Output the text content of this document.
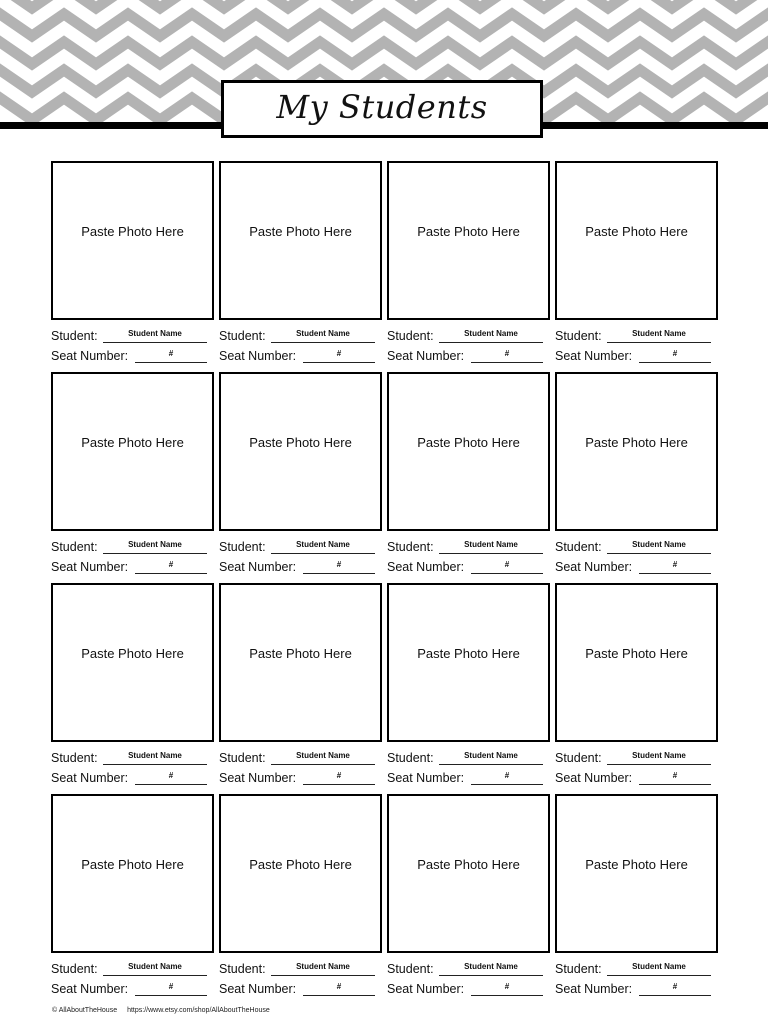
My Students
Paste Photo Here
Student:	Student Name
Seat Number:	#
Paste Photo Here
Student:	Student Name
Seat Number:	#
Paste Photo Here
Student:	Student Name
Seat Number:	#
Paste Photo Here
Student:	Student Name
Seat Number:	#
Paste Photo Here
Student:	Student Name
Seat Number:	#
Paste Photo Here
Student:	Student Name
Seat Number:	#
Paste Photo Here
Student:	Student Name
Seat Number:	#
Paste Photo Here
Student:	Student Name
Seat Number:	#
Paste Photo Here
Student:	Student Name
Seat Number:	#
Paste Photo Here
Student:	Student Name
Seat Number:	#
Paste Photo Here
Student:	Student Name
Seat Number:	#
Paste Photo Here
Student:	Student Name
Seat Number:	#
Paste Photo Here
Student:	Student Name
Seat Number:	#
Paste Photo Here
Student:	Student Name
Seat Number:	#
Paste Photo Here
Student:	Student Name
Seat Number:	#
Paste Photo Here
Student:	Student Name
Seat Number:	#
© AllAboutTheHouse https://www.etsy.com/shop/AllAboutTheHouse
